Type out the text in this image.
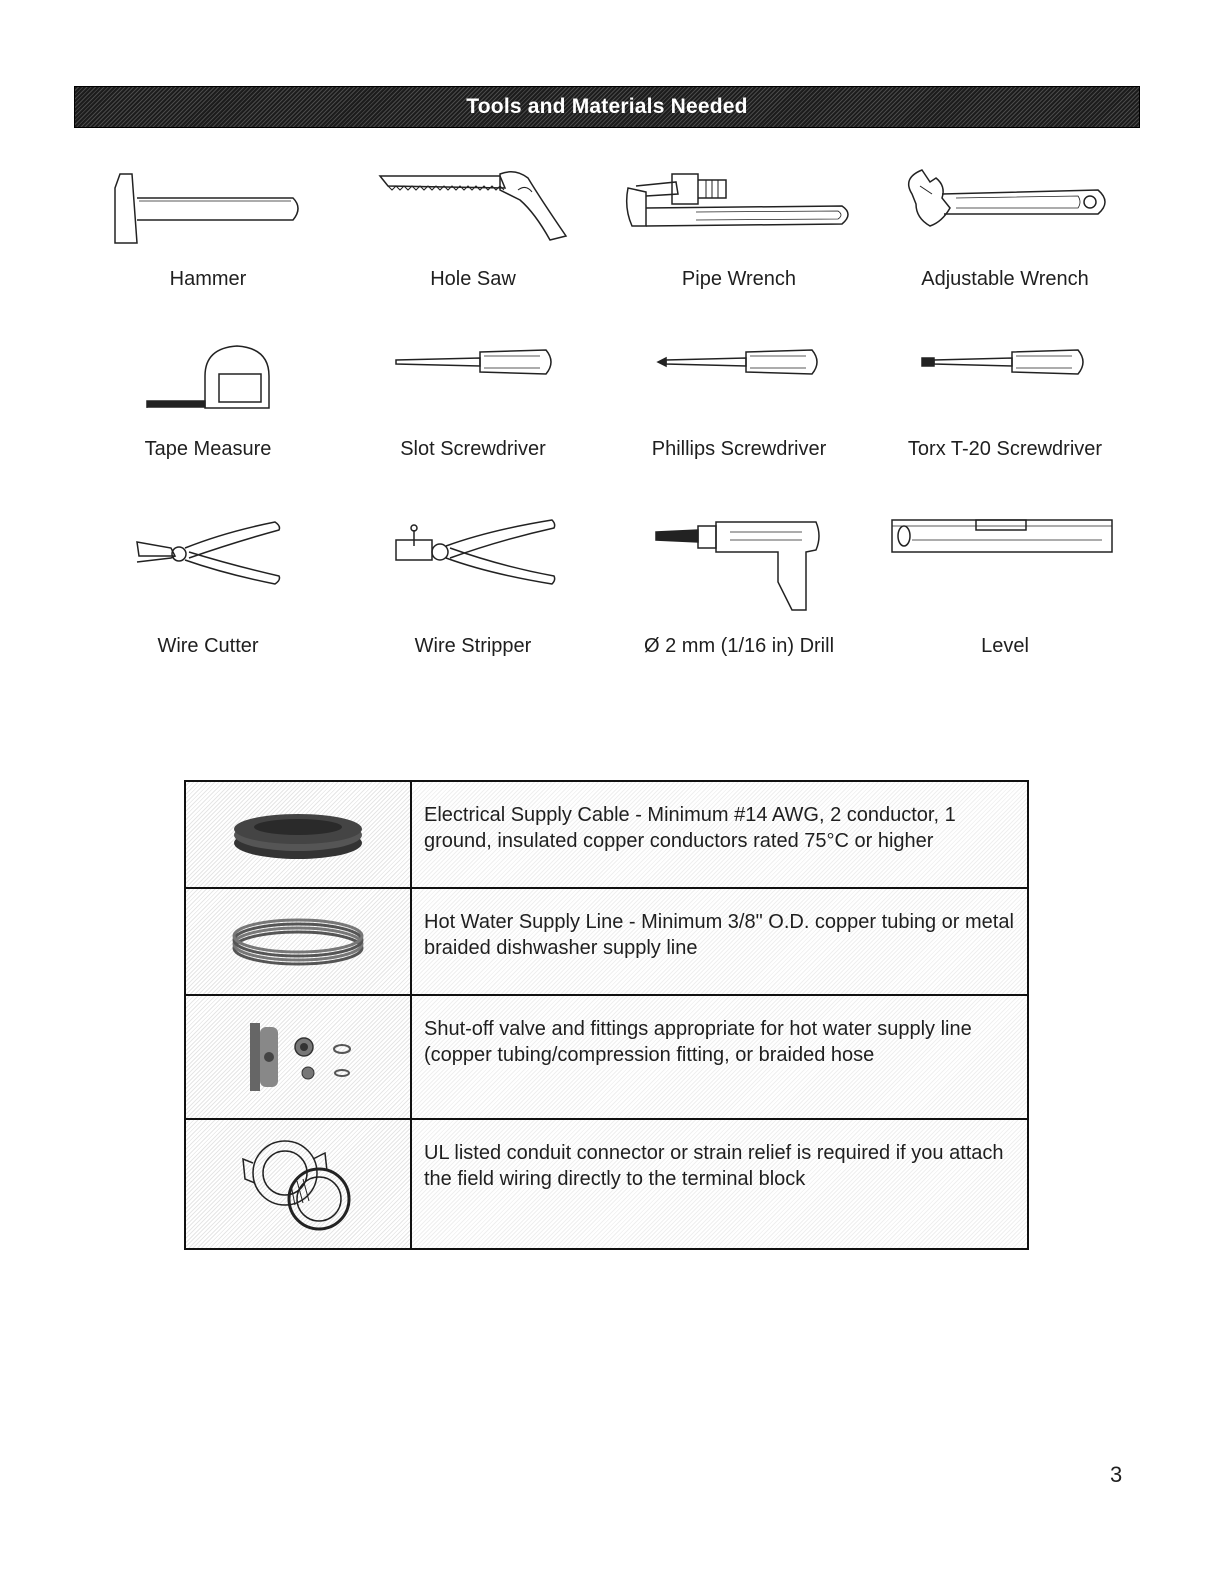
Tools and Materials Needed
Hammer	Hole Saw	Pipe Wrench	Adjustable Wrench
Tape Measure	Slot Screwdriver	Phillips Screwdriver	Torx T-20 Screwdriver
Wire Cutter	Wire Stripper	Ø 2 mm (1/16 in) Drill	Level
Electrical Supply Cable - Minimum #14 AWG, 2 conductor, 1 ground, insulated copper conductors rated 75°C or higher
Hot Water Supply Line - Minimum 3/8" O.D. copper tubing or metal braided dishwasher supply line
Shut-off valve and fittings appropriate for hot water supply line (copper tubing/compression fitting, or braided hose
UL listed conduit connector or strain relief is required if you attach the field wiring directly to the terminal block
3
